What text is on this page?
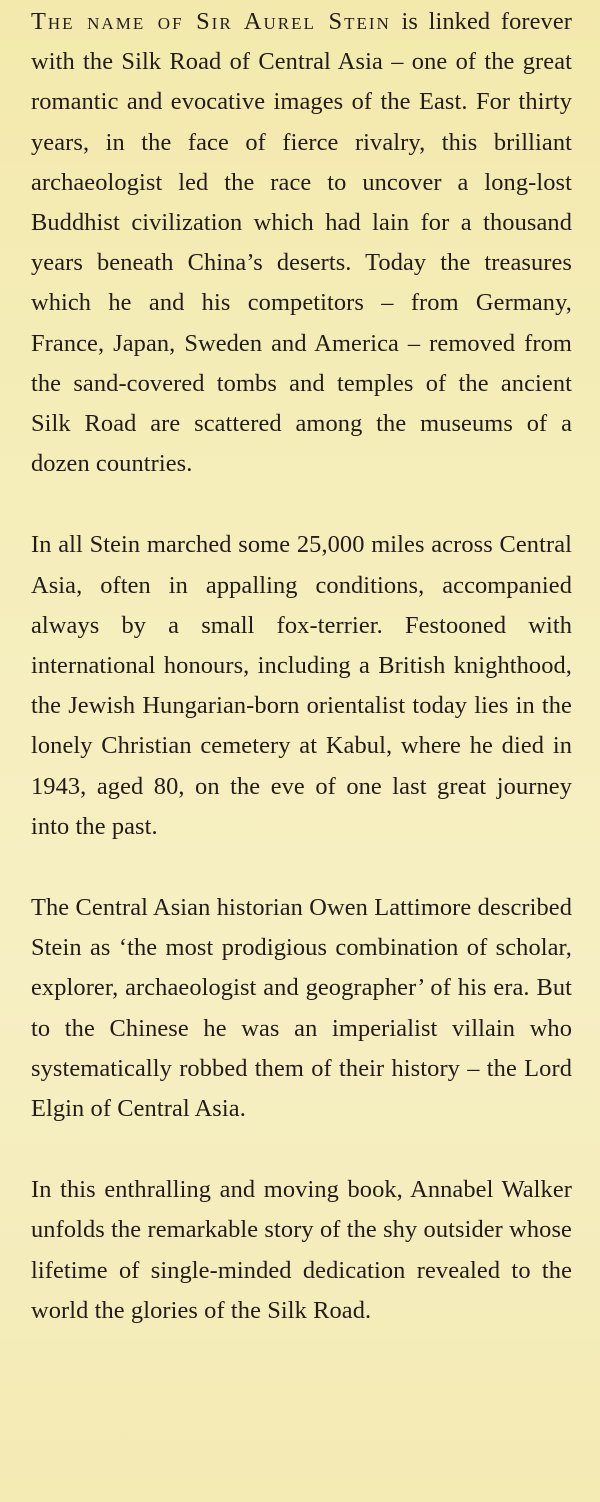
The name of Sir Aurel Stein is linked forever with the Silk Road of Central Asia – one of the great romantic and evocative images of the East. For thirty years, in the face of fierce rivalry, this brilliant archaeologist led the race to uncover a long-lost Buddhist civilization which had lain for a thousand years beneath China’s deserts. Today the treasures which he and his competitors – from Germany, France, Japan, Sweden and America – removed from the sand-covered tombs and temples of the ancient Silk Road are scattered among the museums of a dozen countries.

In all Stein marched some 25,000 miles across Central Asia, often in appalling conditions, accompanied always by a small fox-terrier. Festooned with international honours, including a British knighthood, the Jewish Hungarian-born orientalist today lies in the lonely Christian cemetery at Kabul, where he died in 1943, aged 80, on the eve of one last great journey into the past.

The Central Asian historian Owen Lattimore described Stein as ‘the most prodigious combination of scholar, explorer, archaeologist and geographer’ of his era. But to the Chinese he was an imperialist villain who systematically robbed them of their history – the Lord Elgin of Central Asia.

In this enthralling and moving book, Annabel Walker unfolds the remarkable story of the shy outsider whose lifetime of single-minded dedication revealed to the world the glories of the Silk Road.
